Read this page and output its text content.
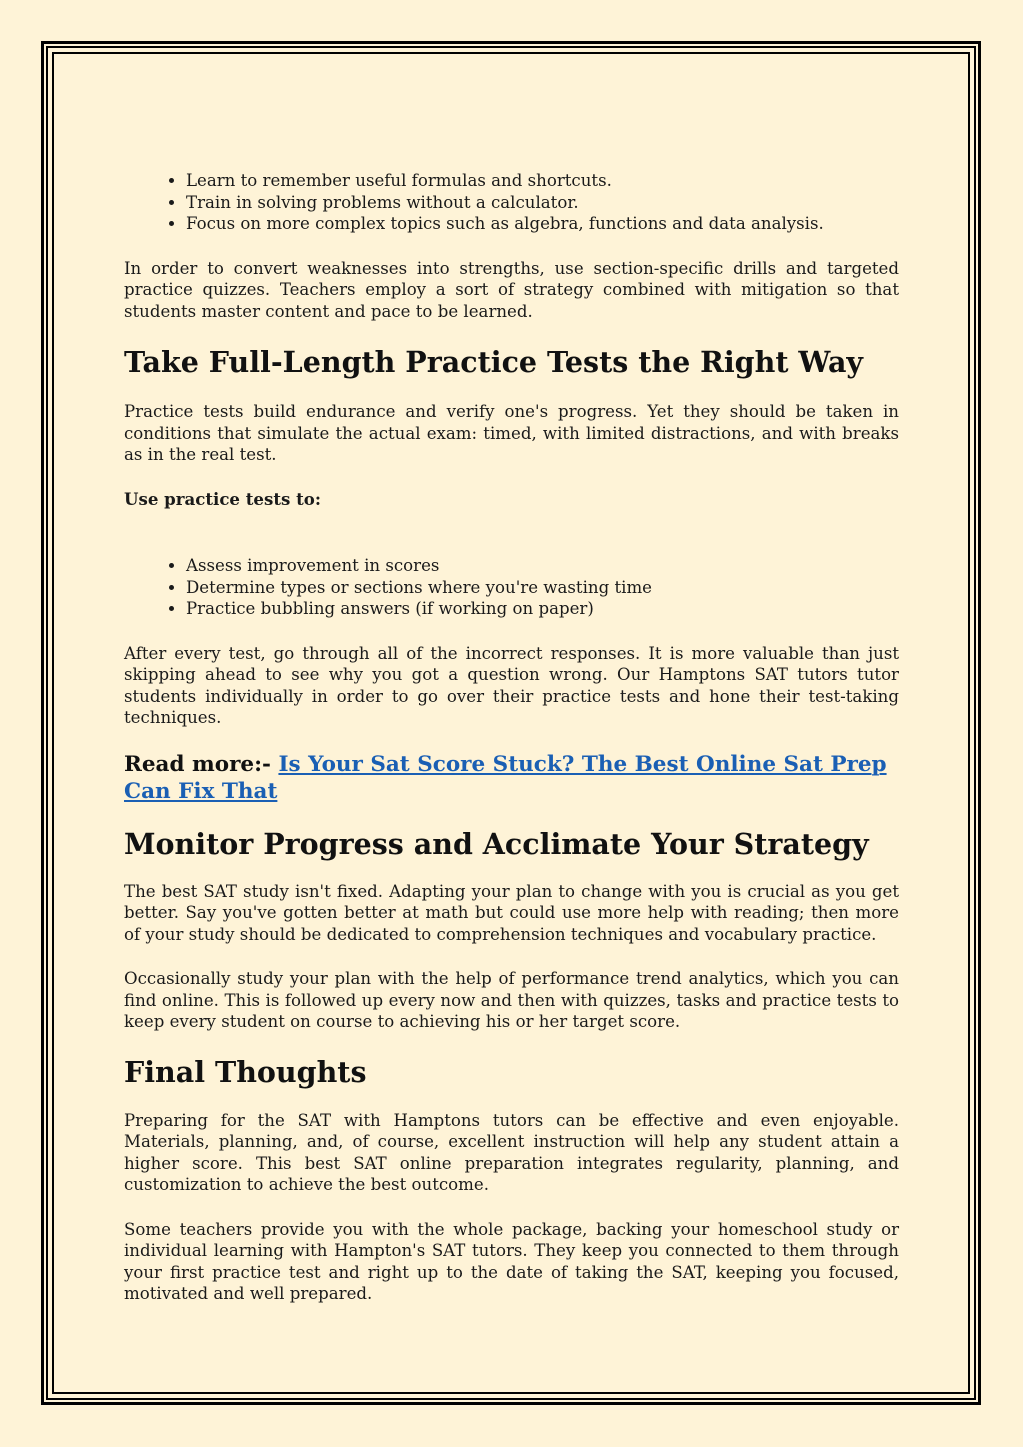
• Learn to remember useful formulas and shortcuts.
• Train in solving problems without a calculator.
• Focus on more complex topics such as algebra, functions and data analysis.

In order to convert weaknesses into strengths, use section-specific drills and targeted practice quizzes. Teachers employ a sort of strategy combined with mitigation so that students master content and pace to be learned.

Take Full-Length Practice Tests the Right Way

Practice tests build endurance and verify one's progress. Yet they should be taken in conditions that simulate the actual exam: timed, with limited distractions, and with breaks as in the real test.

Use practice tests to:

• Assess improvement in scores
• Determine types or sections where you're wasting time
• Practice bubbling answers (if working on paper)

After every test, go through all of the incorrect responses. It is more valuable than just skipping ahead to see why you got a question wrong. Our Hamptons SAT tutors tutor students individually in order to go over their practice tests and hone their test-taking techniques.

Read more:- Is Your Sat Score Stuck? The Best Online Sat Prep Can Fix That
Monitor Progress and Acclimate Your Strategy

The best SAT study isn't fixed. Adapting your plan to change with you is crucial as you get better. Say you've gotten better at math but could use more help with reading; then more of your study should be dedicated to comprehension techniques and vocabulary practice.

Occasionally study your plan with the help of performance trend analytics, which you can find online. This is followed up every now and then with quizzes, tasks and practice tests to keep every student on course to achieving his or her target score.

Final Thoughts

Preparing for the SAT with Hamptons tutors can be effective and even enjoyable. Materials, planning, and, of course, excellent instruction will help any student attain a higher score. This best SAT online preparation integrates regularity, planning, and customization to achieve the best outcome.

Some teachers provide you with the whole package, backing your homeschool study or individual learning with Hampton's SAT tutors. They keep you connected to them through your first practice test and right up to the date of taking the SAT, keeping you focused, motivated and well prepared.
